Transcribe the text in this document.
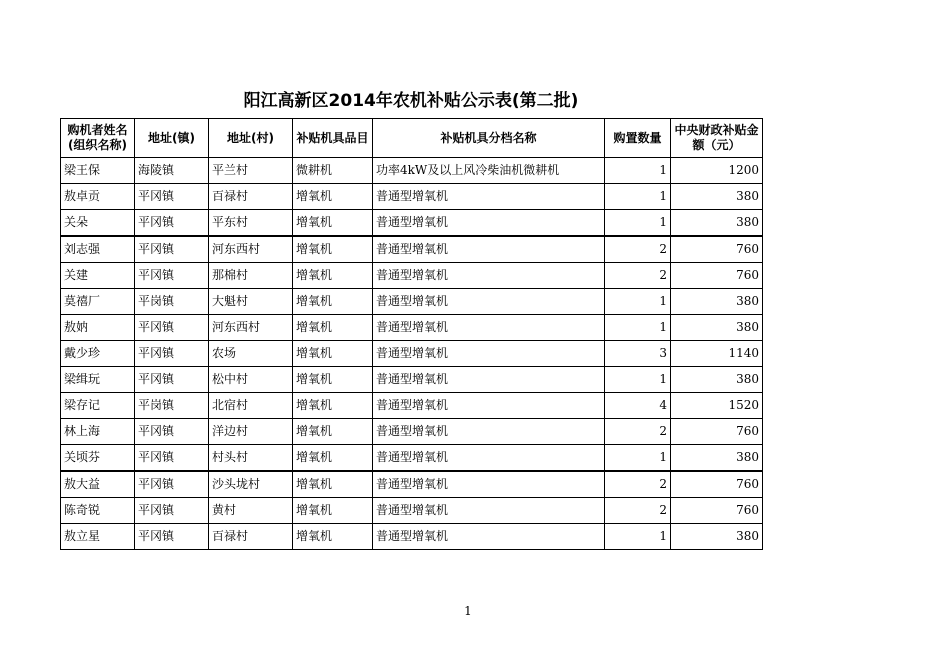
阳江高新区2014年农机补贴公示表(第二批)
购机者姓名(组织名称)	地址(镇)	地址(村)	补贴机具品目	补贴机具分档名称	购置数量	中央财政补贴金额（元）
梁王保	海陵镇	平兰村	微耕机	功率4kW及以上风冷柴油机微耕机	1	1200
敖卓贡	平冈镇	百禄村	增氧机	普通型增氧机	1	380
关朵	平冈镇	平东村	增氧机	普通型增氧机	1	380
刘志强	平冈镇	河东西村	增氧机	普通型增氧机	2	760
关建	平冈镇	那棉村	增氧机	普通型增氧机	2	760
莫禧厂	平岗镇	大魁村	增氧机	普通型增氧机	1	380
敖妠	平冈镇	河东西村	增氧机	普通型增氧机	1	380
戴少珍	平冈镇	农场	增氧机	普通型增氧机	3	1140
梁缉玩	平冈镇	松中村	增氧机	普通型增氧机	1	380
梁存记	平岗镇	北宿村	增氧机	普通型增氧机	4	1520
林上海	平冈镇	洋边村	增氧机	普通型增氧机	2	760
关顷芬	平冈镇	村头村	增氧机	普通型增氧机	1	380
敖大益	平冈镇	沙头垅村	增氧机	普通型增氧机	2	760
陈奇锐	平冈镇	黄村	增氧机	普通型增氧机	2	760
敖立星	平冈镇	百禄村	增氧机	普通型增氧机	1	380
1
